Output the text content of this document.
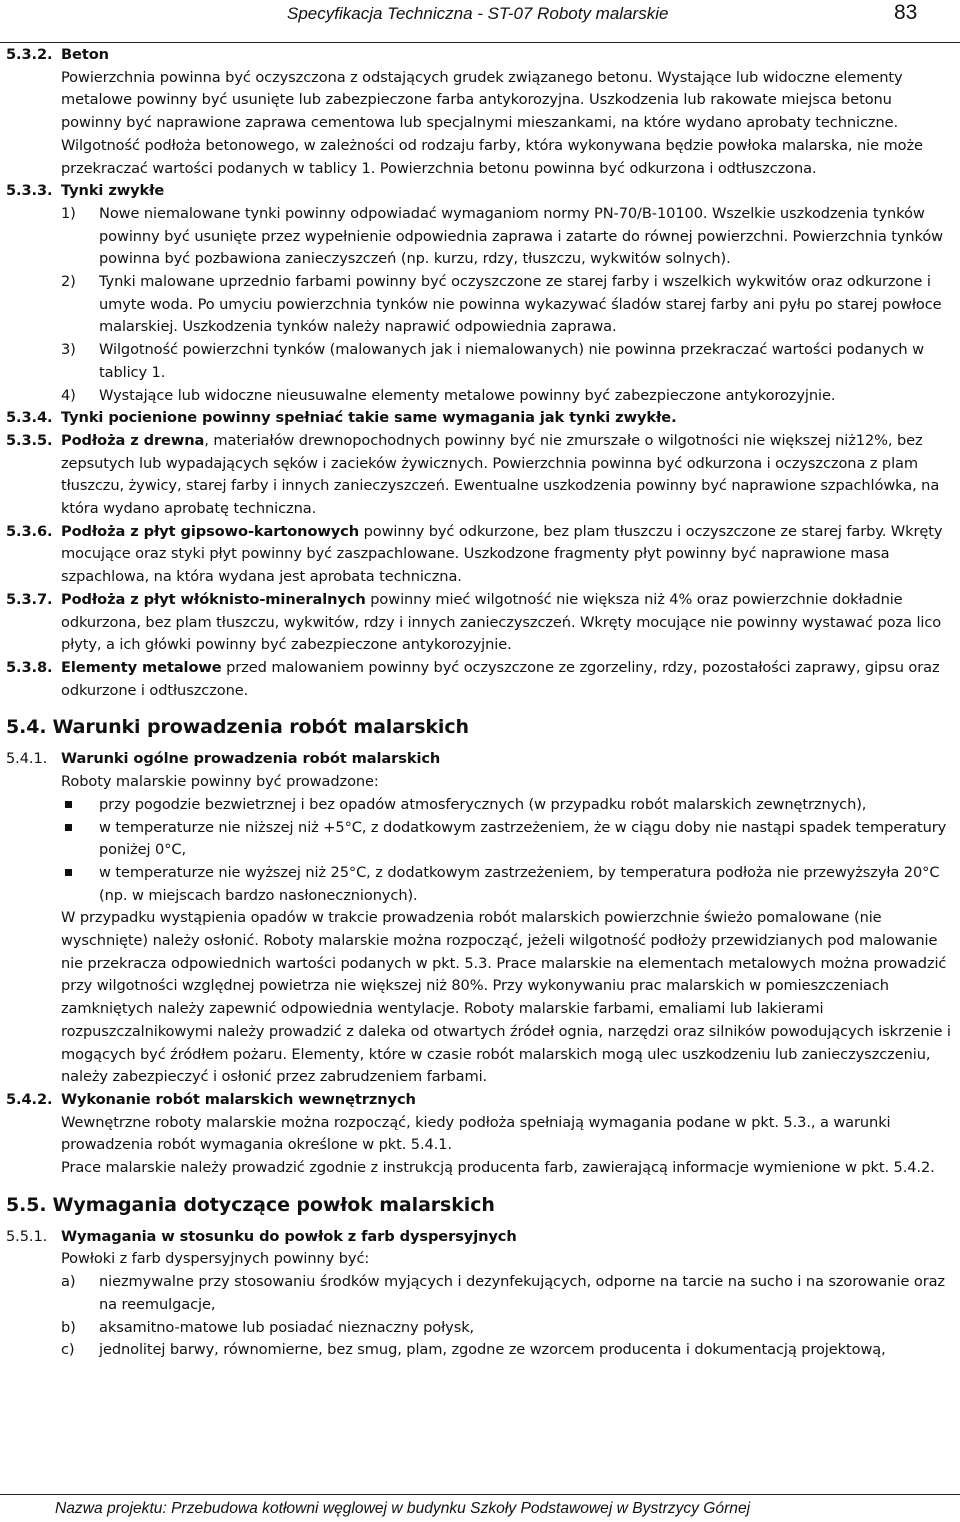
Specyfikacja Techniczna - ST-07 Roboty malarskie	83
5.3.2. Beton

Powierzchnia powinna być oczyszczona z odstających grudek związanego betonu. Wystające lub widoczne elementy metalowe powinny być usunięte lub zabezpieczone farba antykorozyjna. Uszkodzenia lub rakowate miejsca betonu powinny być naprawione zaprawa cementowa lub specjalnymi mieszankami, na które wydano aprobaty techniczne. Wilgotność podłoża betonowego, w zależności od rodzaju farby, która wykonywana będzie powłoka malarska, nie może przekraczać wartości podanych w tablicy 1. Powierzchnia betonu powinna być odkurzona i odtłuszczona.

5.3.3. Tynki zwykłe

1) Nowe niemalowane tynki powinny odpowiadać wymaganiom normy PN-70/B-10100. Wszelkie uszkodzenia tynków powinny być usunięte przez wypełnienie odpowiednia zaprawa i zatarte do równej powierzchni. Powierzchnia tynków powinna być pozbawiona zanieczyszczeń (np. kurzu, rdzy, tłuszczu, wykwitów solnych).
2) Tynki malowane uprzednio farbami powinny być oczyszczone ze starej farby i wszelkich wykwitów oraz odkurzone i umyte woda. Po umyciu powierzchnia tynków nie powinna wykazywać śladów starej farby ani pyłu po starej powłoce malarskiej. Uszkodzenia tynków należy naprawić odpowiednia zaprawa.
3) Wilgotność powierzchni tynków (malowanych jak i niemalowanych) nie powinna przekraczać wartości podanych w tablicy 1.
4) Wystające lub widoczne nieusuwalne elementy metalowe powinny być zabezpieczone antykorozyjnie.
5.3.4. Tynki pocienione powinny spełniać takie same wymagania jak tynki zwykłe.

5.3.5. Podłoża z drewna, materiałów drewnopochodnych powinny być nie zmurszałe o wilgotności nie większej niż12%, bez zepsutych lub wypadających sęków i zacieków żywicznych. Powierzchnia powinna być odkurzona i oczyszczona z plam tłuszczu, żywicy, starej farby i innych zanieczyszczeń. Ewentualne uszkodzenia powinny być naprawione szpachlówka, na która wydano aprobatę techniczna.

5.3.6. Podłoża z płyt gipsowo-kartonowych powinny być odkurzone, bez plam tłuszczu i oczyszczone ze starej farby. Wkręty mocujące oraz styki płyt powinny być zaszpachlowane. Uszkodzone fragmenty płyt powinny być naprawione masa szpachlowa, na która wydana jest aprobata techniczna.

5.3.7. Podłoża z płyt włóknisto-mineralnych powinny mieć wilgotność nie większa niż 4% oraz powierzchnie dokładnie odkurzona, bez plam tłuszczu, wykwitów, rdzy i innych zanieczyszczeń. Wkręty mocujące nie powinny wystawać poza lico płyty, a ich główki powinny być zabezpieczone antykorozyjnie.

5.3.8. Elementy metalowe przed malowaniem powinny być oczyszczone ze zgorzeliny, rdzy, pozostałości zaprawy, gipsu oraz odkurzone i odtłuszczone.

5.4. Warunki prowadzenia robót malarskich
5.4.1. Warunki ogólne prowadzenia robót malarskich

Roboty malarskie powinny być prowadzone:

przy pogodzie bezwietrznej i bez opadów atmosferycznych (w przypadku robót malarskich zewnętrznych),
w temperaturze nie niższej niż +5°C, z dodatkowym zastrzeżeniem, że w ciągu doby nie nastąpi spadek temperatury poniżej 0°C,
w temperaturze nie wyższej niż 25°C, z dodatkowym zastrzeżeniem, by temperatura podłoża nie przewyższyła 20°C (np. w miejscach bardzo nasłonecznionych).

W przypadku wystąpienia opadów w trakcie prowadzenia robót malarskich powierzchnie świeżo pomalowane (nie wyschnięte) należy osłonić. Roboty malarskie można rozpocząć, jeżeli wilgotność podłoży przewidzianych pod malowanie nie przekracza odpowiednich wartości podanych w pkt. 5.3. Prace malarskie na elementach metalowych można prowadzić przy wilgotności względnej powietrza nie większej niż 80%. Przy wykonywaniu prac malarskich w pomieszczeniach zamkniętych należy zapewnić odpowiednia wentylacje. Roboty malarskie farbami, emaliami lub lakierami rozpuszczalnikowymi należy prowadzić z daleka od otwartych źródeł ognia, narzędzi oraz silników powodujących iskrzenie i mogących być źródłem pożaru. Elementy, które w czasie robót malarskich mogą ulec uszkodzeniu lub zanieczyszczeniu, należy zabezpieczyć i osłonić przez zabrudzeniem farbami.

5.4.2. Wykonanie robót malarskich wewnętrznych

Wewnętrzne roboty malarskie można rozpocząć, kiedy podłoża spełniają wymagania podane w pkt. 5.3., a warunki prowadzenia robót wymagania określone w pkt. 5.4.1.

Prace malarskie należy prowadzić zgodnie z instrukcją producenta farb, zawierającą informacje wymienione w pkt. 5.4.2.

5.5. Wymagania dotyczące powłok malarskich
5.5.1. Wymagania w stosunku do powłok z farb dyspersyjnych

Powłoki z farb dyspersyjnych powinny być:

a) niezmywalne przy stosowaniu środków myjących i dezynfekujących, odporne na tarcie na sucho i na szorowanie oraz na reemulgacje,
b) aksamitno-matowe lub posiadać nieznaczny połysk,
c) jednolitej barwy, równomierne, bez smug, plam, zgodne ze wzorcem producenta i dokumentacją projektową,
Nazwa projektu: Przebudowa kotłowni węglowej w budynku Szkoły Podstawowej w Bystrzycy Górnej
